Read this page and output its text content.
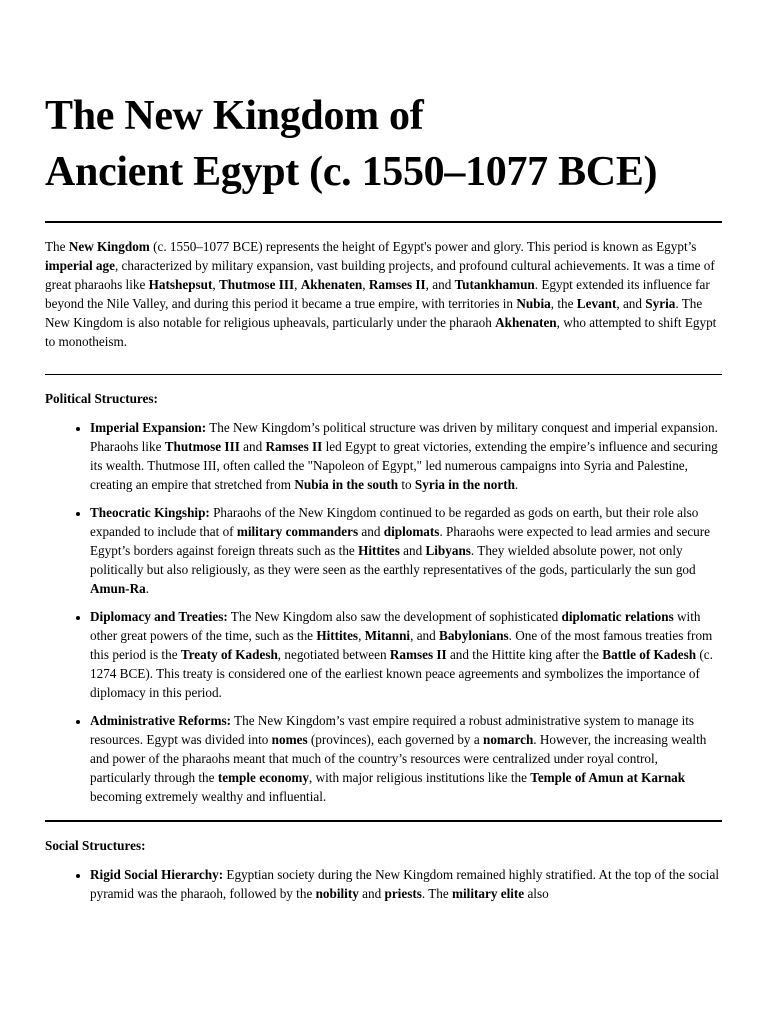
The New Kingdom of
Ancient Egypt (c. 1550–1077 BCE)

The New Kingdom (c. 1550–1077 BCE) represents the height of Egypt's power and glory. This period is known as Egypt’s imperial age, characterized by military expansion, vast building projects, and profound cultural achievements. It was a time of great pharaohs like Hatshepsut, Thutmose III, Akhenaten, Ramses II, and Tutankhamun. Egypt extended its influence far beyond the Nile Valley, and during this period it became a true empire, with territories in Nubia, the Levant, and Syria. The New Kingdom is also notable for religious upheavals, particularly under the pharaoh Akhenaten, who attempted to shift Egypt to monotheism.

Political Structures:
• Imperial Expansion: The New Kingdom’s political structure was driven by military conquest and imperial expansion. Pharaohs like Thutmose III and Ramses II led Egypt to great victories, extending the empire’s influence and securing its wealth. Thutmose III, often called the "Napoleon of Egypt," led numerous campaigns into Syria and Palestine, creating an empire that stretched from Nubia in the south to Syria in the north.
• Theocratic Kingship: Pharaohs of the New Kingdom continued to be regarded as gods on earth, but their role also expanded to include that of military commanders and diplomats. Pharaohs were expected to lead armies and secure Egypt’s borders against foreign threats such as the Hittites and Libyans. They wielded absolute power, not only politically but also religiously, as they were seen as the earthly representatives of the gods, particularly the sun god Amun-Ra.
• Diplomacy and Treaties: The New Kingdom also saw the development of sophisticated diplomatic relations with other great powers of the time, such as the Hittites, Mitanni, and Babylonians. One of the most famous treaties from this period is the Treaty of Kadesh, negotiated between Ramses II and the Hittite king after the Battle of Kadesh (c. 1274 BCE). This treaty is considered one of the earliest known peace agreements and symbolizes the importance of diplomacy in this period.
• Administrative Reforms: The New Kingdom’s vast empire required a robust administrative system to manage its resources. Egypt was divided into nomes (provinces), each governed by a nomarch. However, the increasing wealth and power of the pharaohs meant that much of the country’s resources were centralized under royal control, particularly through the temple economy, with major religious institutions like the Temple of Amun at Karnak becoming extremely wealthy and influential.
Social Structures:
• Rigid Social Hierarchy: Egyptian society during the New Kingdom remained highly stratified. At the top of the social pyramid was the pharaoh, followed by the nobility and priests. The military elite also
